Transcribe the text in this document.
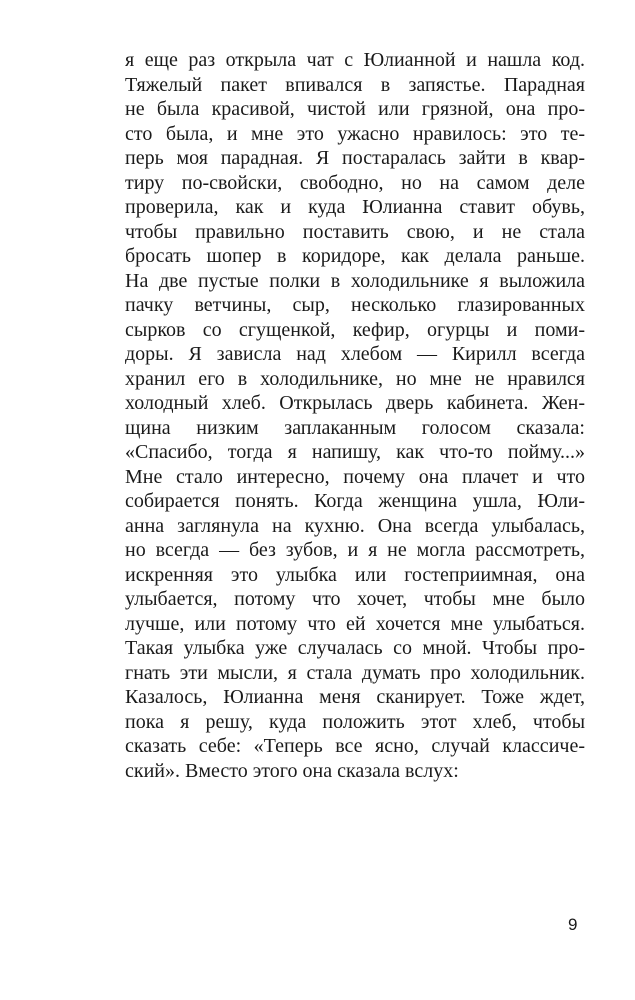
я еще раз открыла чат с Юлианной и нашла код.
Тяжелый пакет впивался в запястье. Парадная
не была красивой, чистой или грязной, она про-
сто была, и мне это ужасно нравилось: это те-
перь моя парадная. Я постаралась зайти в квар-
тиру по-свойски, свободно, но на самом деле
проверила, как и куда Юлианна ставит обувь,
чтобы правильно поставить свою, и не стала
бросать шопер в коридоре, как делала раньше.
На две пустые полки в холодильнике я выложила
пачку ветчины, сыр, несколько глазированных
сырков со сгущенкой, кефир, огурцы и поми-
доры. Я зависла над хлебом — Кирилл всегда
хранил его в холодильнике, но мне не нравился
холодный хлеб. Открылась дверь кабинета. Жен-
щина низким заплаканным голосом сказала:
«Спасибо, тогда я напишу, как что-то пойму...»
Мне стало интересно, почему она плачет и что
собирается понять. Когда женщина ушла, Юли-
анна заглянула на кухню. Она всегда улыбалась,
но всегда — без зубов, и я не могла рассмотреть,
искренняя это улыбка или гостеприимная, она
улыбается, потому что хочет, чтобы мне было
лучше, или потому что ей хочется мне улыбаться.
Такая улыбка уже случалась со мной. Чтобы про-
гнать эти мысли, я стала думать про холодильник.
Казалось, Юлианна меня сканирует. Тоже ждет,
пока я решу, куда положить этот хлеб, чтобы
сказать себе: «Теперь все ясно, случай классиче-
ский». Вместо этого она сказала вслух:
9
